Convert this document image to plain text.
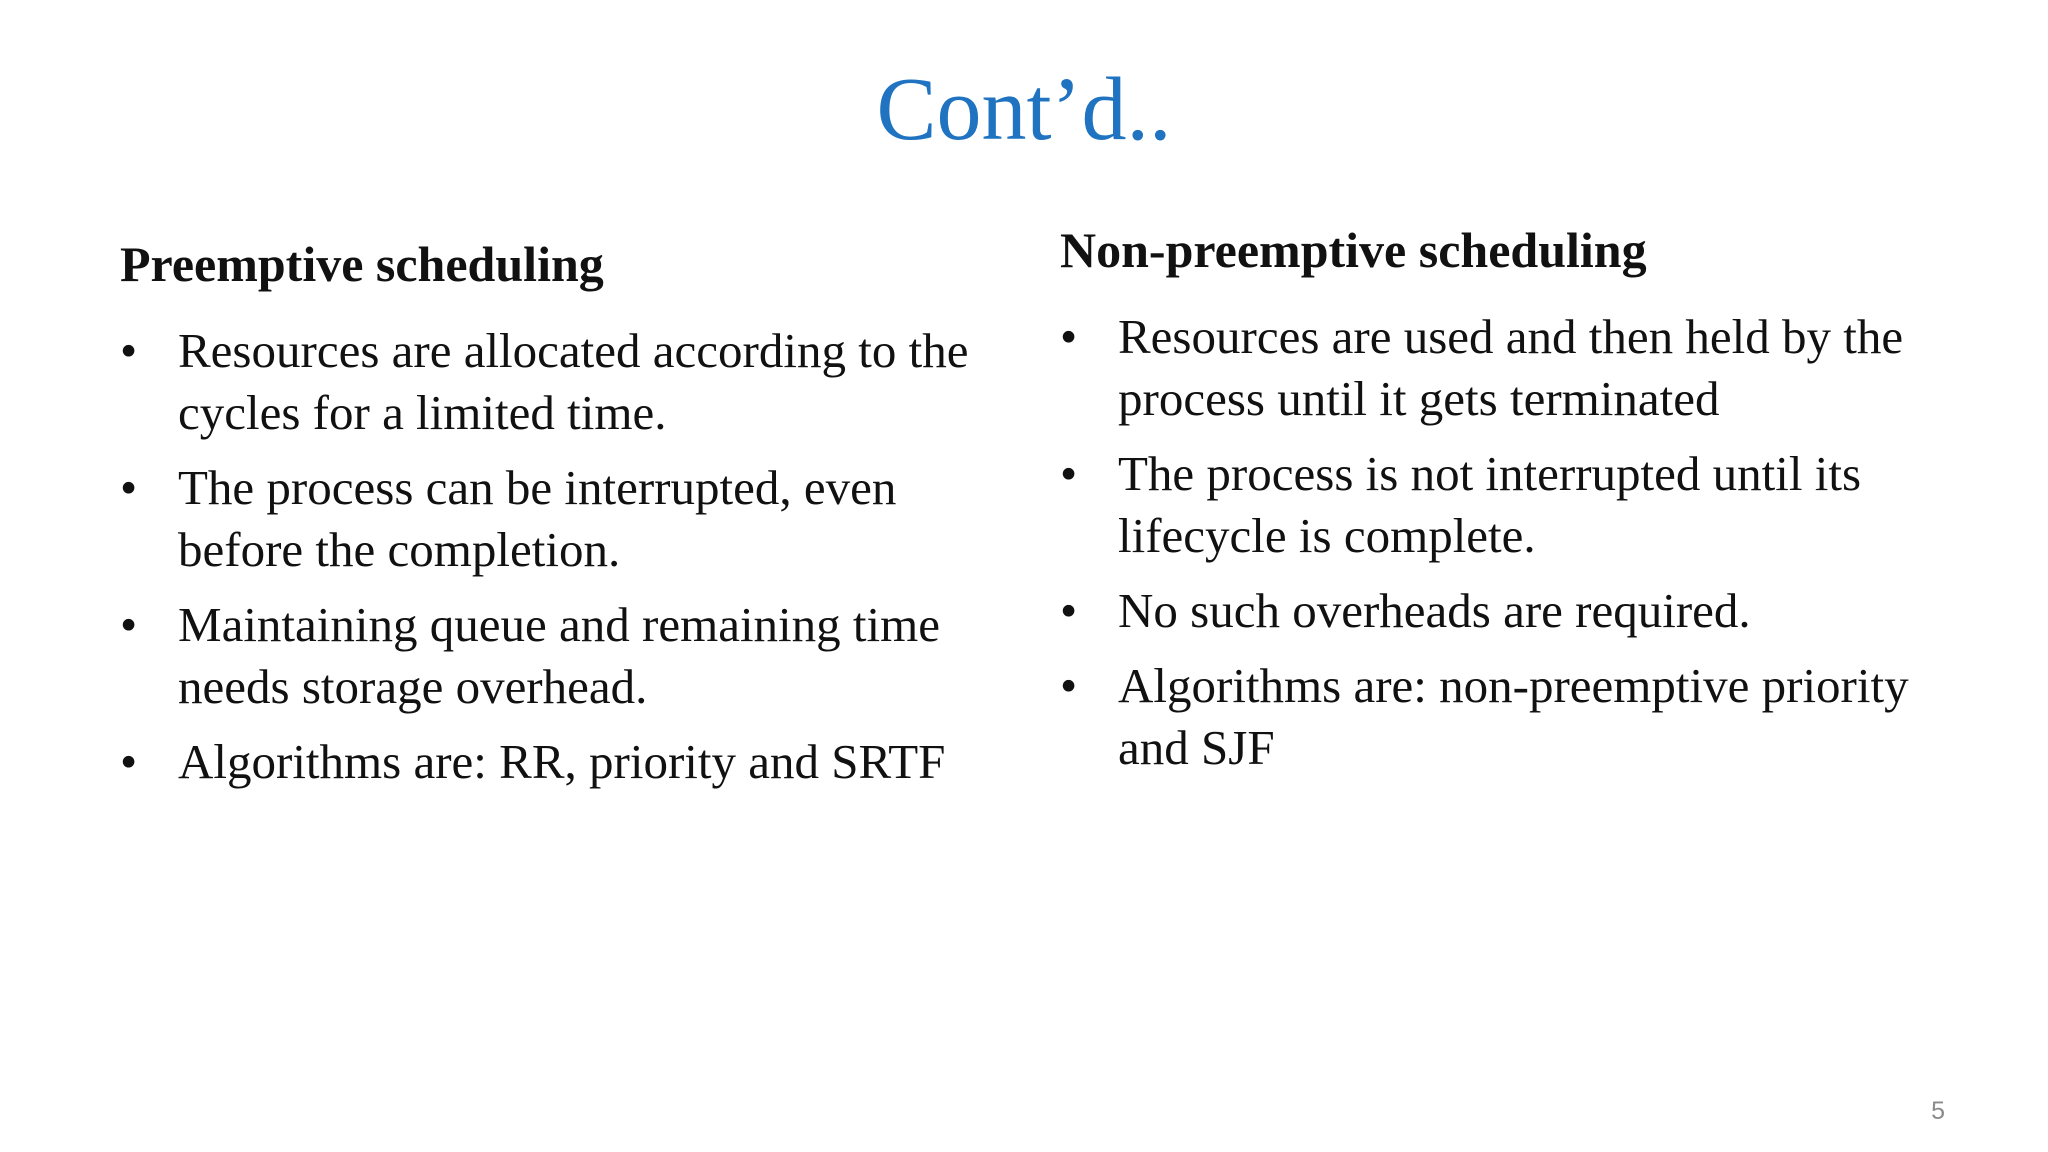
Cont’d..
Preemptive scheduling
• Resources are allocated according to the cycles for a limited time.
• The process can be interrupted, even before the completion.
• Maintaining queue and remaining time needs storage overhead.
• Algorithms are: RR, priority and SRTF
Non-preemptive scheduling
• Resources are used and then held by the process until it gets terminated
• The process is not interrupted until its lifecycle is complete.
• No such overheads are required.
• Algorithms are: non-preemptive priority and SJF
5
